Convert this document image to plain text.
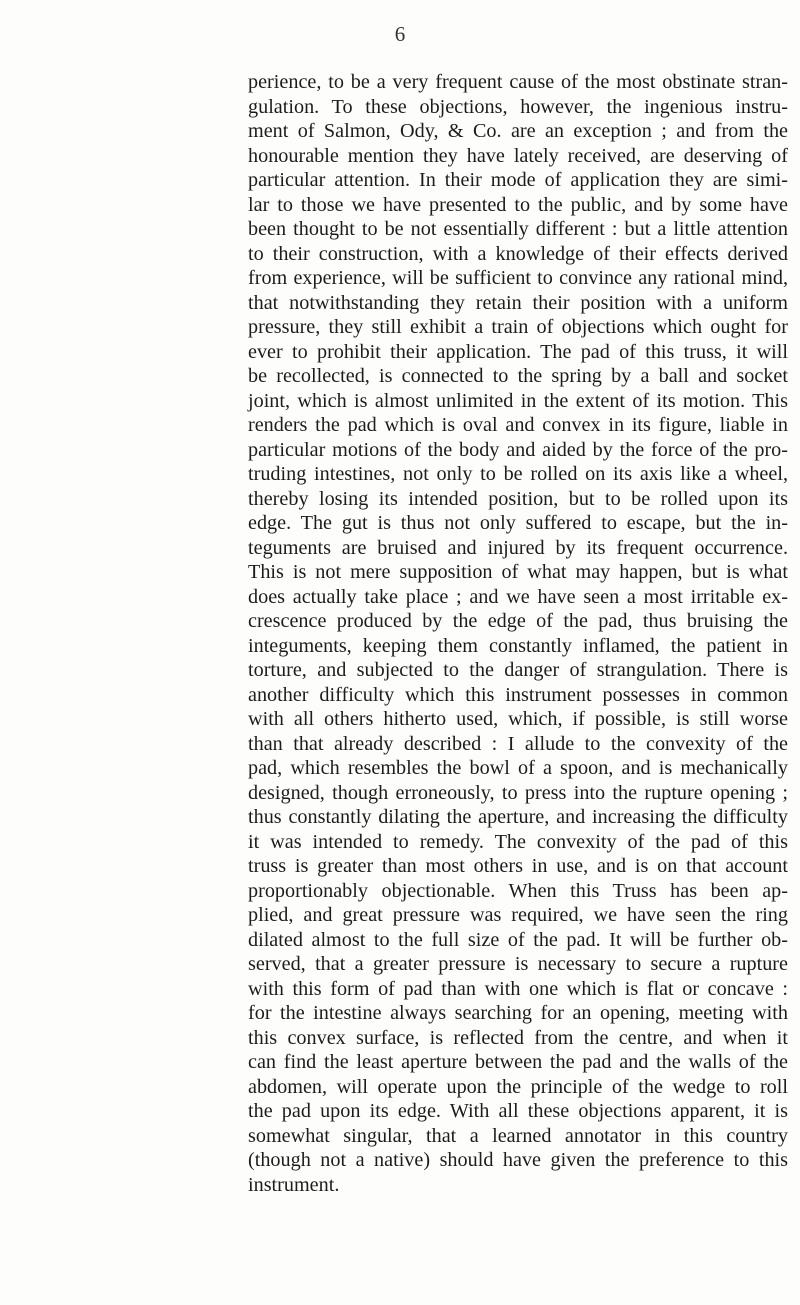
6
perience, to be a very frequent cause of the most obstinate stran-
gulation. To these objections, however, the ingenious instru-
ment of Salmon, Ody, & Co. are an exception ; and from the
honourable mention they have lately received, are deserving of
particular attention. In their mode of application they are simi-
lar to those we have presented to the public, and by some have
been thought to be not essentially different : but a little attention
to their construction, with a knowledge of their effects derived
from experience, will be sufficient to convince any rational mind,
that notwithstanding they retain their position with a uniform
pressure, they still exhibit a train of objections which ought for
ever to prohibit their application. The pad of this truss, it will
be recollected, is connected to the spring by a ball and socket
joint, which is almost unlimited in the extent of its motion. This
renders the pad which is oval and convex in its figure, liable in
particular motions of the body and aided by the force of the pro-
truding intestines, not only to be rolled on its axis like a wheel,
thereby losing its intended position, but to be rolled upon its
edge. The gut is thus not only suffered to escape, but the in-
teguments are bruised and injured by its frequent occurrence.
This is not mere supposition of what may happen, but is what
does actually take place ; and we have seen a most irritable ex-
crescence produced by the edge of the pad, thus bruising the
integuments, keeping them constantly inflamed, the patient in
torture, and subjected to the danger of strangulation. There is
another difficulty which this instrument possesses in common
with all others hitherto used, which, if possible, is still worse
than that already described : I allude to the convexity of the
pad, which resembles the bowl of a spoon, and is mechanically
designed, though erroneously, to press into the rupture opening ;
thus constantly dilating the aperture, and increasing the difficulty
it was intended to remedy. The convexity of the pad of this
truss is greater than most others in use, and is on that account
proportionably objectionable. When this Truss has been ap-
plied, and great pressure was required, we have seen the ring
dilated almost to the full size of the pad. It will be further ob-
served, that a greater pressure is necessary to secure a rupture
with this form of pad than with one which is flat or concave :
for the intestine always searching for an opening, meeting with
this convex surface, is reflected from the centre, and when it
can find the least aperture between the pad and the walls of the
abdomen, will operate upon the principle of the wedge to roll
the pad upon its edge. With all these objections apparent, it is
somewhat singular, that a learned annotator in this country
(though not a native) should have given the preference to this
instrument.
